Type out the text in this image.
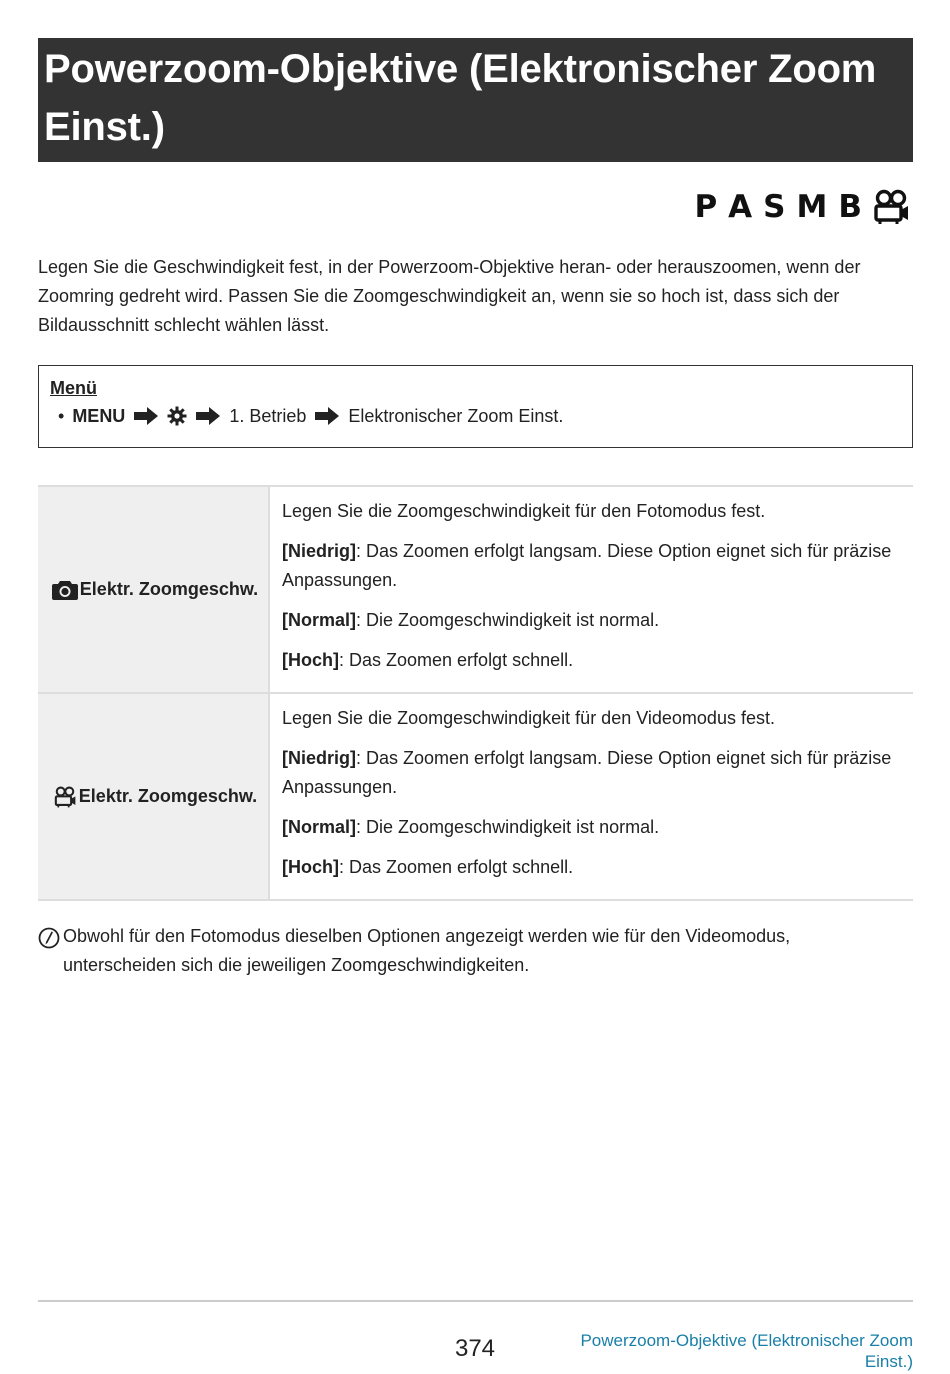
Powerzoom-Objektive (Elektronischer Zoom Einst.)
P A S M B

Legen Sie die Geschwindigkeit fest, in der Powerzoom-Objektive heran- oder herauszoomen, wenn der Zoomring gedreht wird. Passen Sie die Zoomgeschwindigkeit an, wenn sie so hoch ist, dass sich der Bildausschnitt schlecht wählen lässt.

Menü
• MENU	1. Betrieb Elektronischer Zoom Einst.
Elektr. Zoomgeschw.

Legen Sie die Zoomgeschwindigkeit für den Fotomodus fest.

[Niedrig]: Das Zoomen erfolgt langsam. Diese Option eignet sich für präzise Anpassungen.

[Normal]: Die Zoomgeschwindigkeit ist normal.

[Hoch]: Das Zoomen erfolgt schnell.

Elektr. Zoomgeschw.

Legen Sie die Zoomgeschwindigkeit für den Videomodus fest.

[Niedrig]: Das Zoomen erfolgt langsam. Diese Option eignet sich für präzise Anpassungen.

[Normal]: Die Zoomgeschwindigkeit ist normal.

[Hoch]: Das Zoomen erfolgt schnell.

Obwohl für den Fotomodus dieselben Optionen angezeigt werden wie für den Videomodus, unterscheiden sich die jeweiligen Zoomgeschwindigkeiten.
374	Powerzoom-Objektive (Elektronischer Zoom Einst.)
